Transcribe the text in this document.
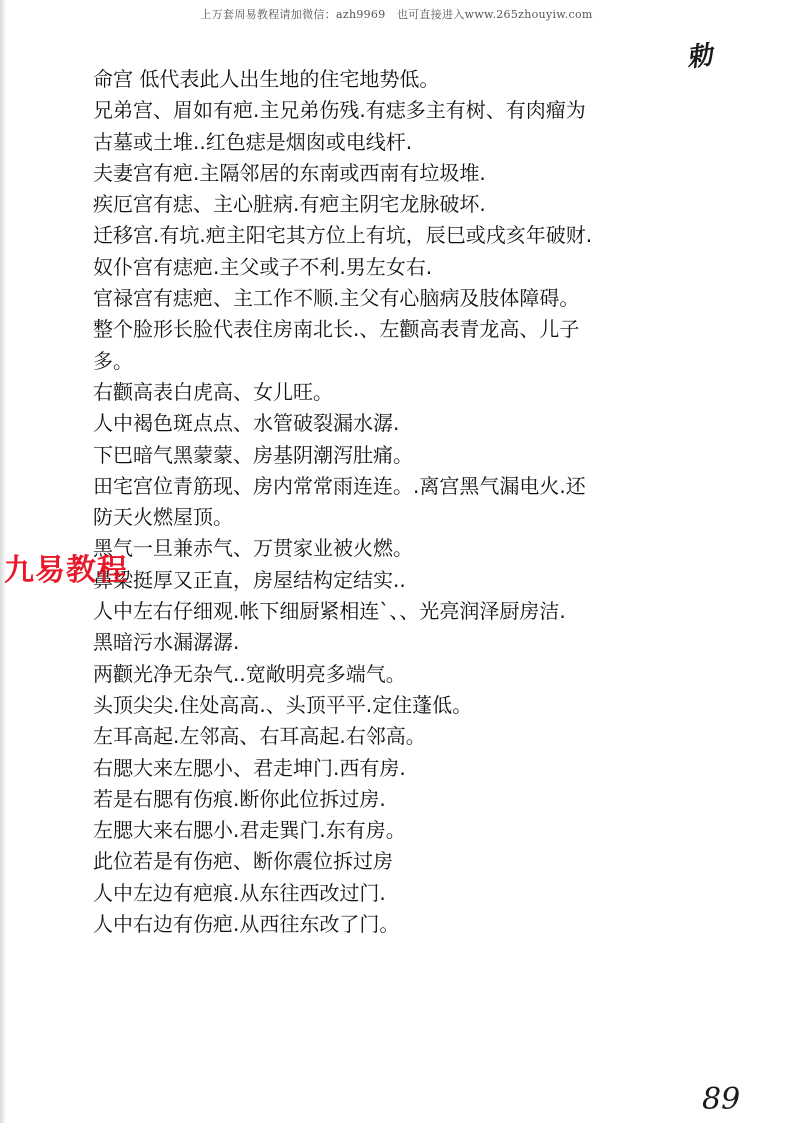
上万套周易教程请加微信：azh9969　也可直接进入www.265zhouyiw.com
勅
命宫 低代表此人出生地的住宅地势低。
兄弟宫、眉如有疤.主兄弟伤残.有痣多主有树、有肉瘤为
古墓或土堆..红色痣是烟囱或电线杆.
夫妻宫有疤.主隔邻居的东南或西南有垃圾堆.
疾厄宫有痣、主心脏病.有疤主阴宅龙脉破坏.
迁移宫.有坑.疤主阳宅其方位上有坑，辰巳或戌亥年破财.
奴仆宫有痣疤.主父或子不利.男左女右.
官禄宫有痣疤、主工作不顺.主父有心脑病及肢体障碍。
整个脸形长脸代表住房南北长.、左颧高表青龙高、儿子
多。
右颧高表白虎高、女儿旺。
人中褐色斑点点、水管破裂漏水潺.
下巴暗气黑蒙蒙、房基阴潮泻肚痛。
田宅宫位青筋现、房内常常雨连连。.离宫黑气漏电火.还
防天火燃屋顶。
黑气一旦兼赤气、万贯家业被火燃。
鼻梁挺厚又正直，房屋结构定结实..
人中左右仔细观.帐下细厨紧相连`、、光亮润泽厨房洁.
黑暗污水漏潺潺.
两颧光净无杂气..宽敞明亮多端气。
头顶尖尖.住处高高.、头顶平平.定住蓬低。
左耳高起.左邻高、右耳高起.右邻高。
右腮大来左腮小、君走坤门.西有房.
若是右腮有伤痕.断你此位拆过房.
左腮大来右腮小.君走巽门.东有房。
此位若是有伤疤、断你震位拆过房
人中左边有疤痕.从东往西改过门.
人中右边有伤疤.从西往东改了门。
九易教程
89
